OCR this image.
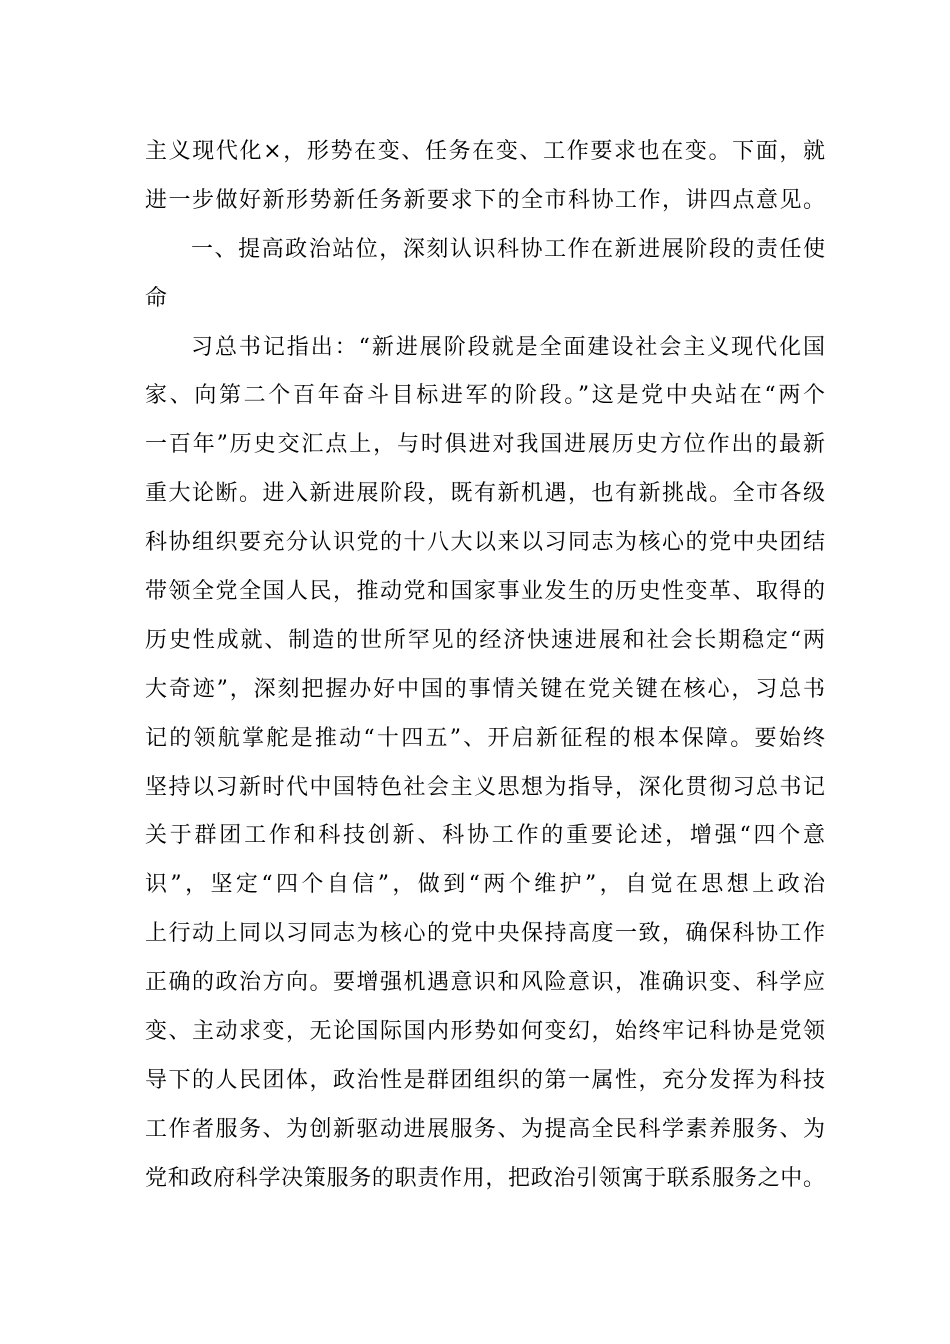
主义现代化×，形势在变、任务在变、工作要求也在变。下面，就
进一步做好新形势新任务新要求下的全市科协工作，讲四点意见。
一、提高政治站位，深刻认识科协工作在新进展阶段的责任使
命
习总书记指出：“新进展阶段就是全面建设社会主义现代化国
家、向第二个百年奋斗目标进军的阶段。”这是党中央站在“两个
一百年”历史交汇点上，与时俱进对我国进展历史方位作出的最新
重大论断。进入新进展阶段，既有新机遇，也有新挑战。全市各级
科协组织要充分认识党的十八大以来以习同志为核心的党中央团结
带领全党全国人民，推动党和国家事业发生的历史性变革、取得的
历史性成就、制造的世所罕见的经济快速进展和社会长期稳定“两
大奇迹”，深刻把握办好中国的事情关键在党关键在核心，习总书
记的领航掌舵是推动“十四五”、开启新征程的根本保障。要始终
坚持以习新时代中国特色社会主义思想为指导，深化贯彻习总书记
关于群团工作和科技创新、科协工作的重要论述，增强“四个意
识”，坚定“四个自信”，做到“两个维护”，自觉在思想上政治
上行动上同以习同志为核心的党中央保持高度一致，确保科协工作
正确的政治方向。要增强机遇意识和风险意识，准确识变、科学应
变、主动求变，无论国际国内形势如何变幻，始终牢记科协是党领
导下的人民团体，政治性是群团组织的第一属性，充分发挥为科技
工作者服务、为创新驱动进展服务、为提高全民科学素养服务、为
党和政府科学决策服务的职责作用，把政治引领寓于联系服务之中。
